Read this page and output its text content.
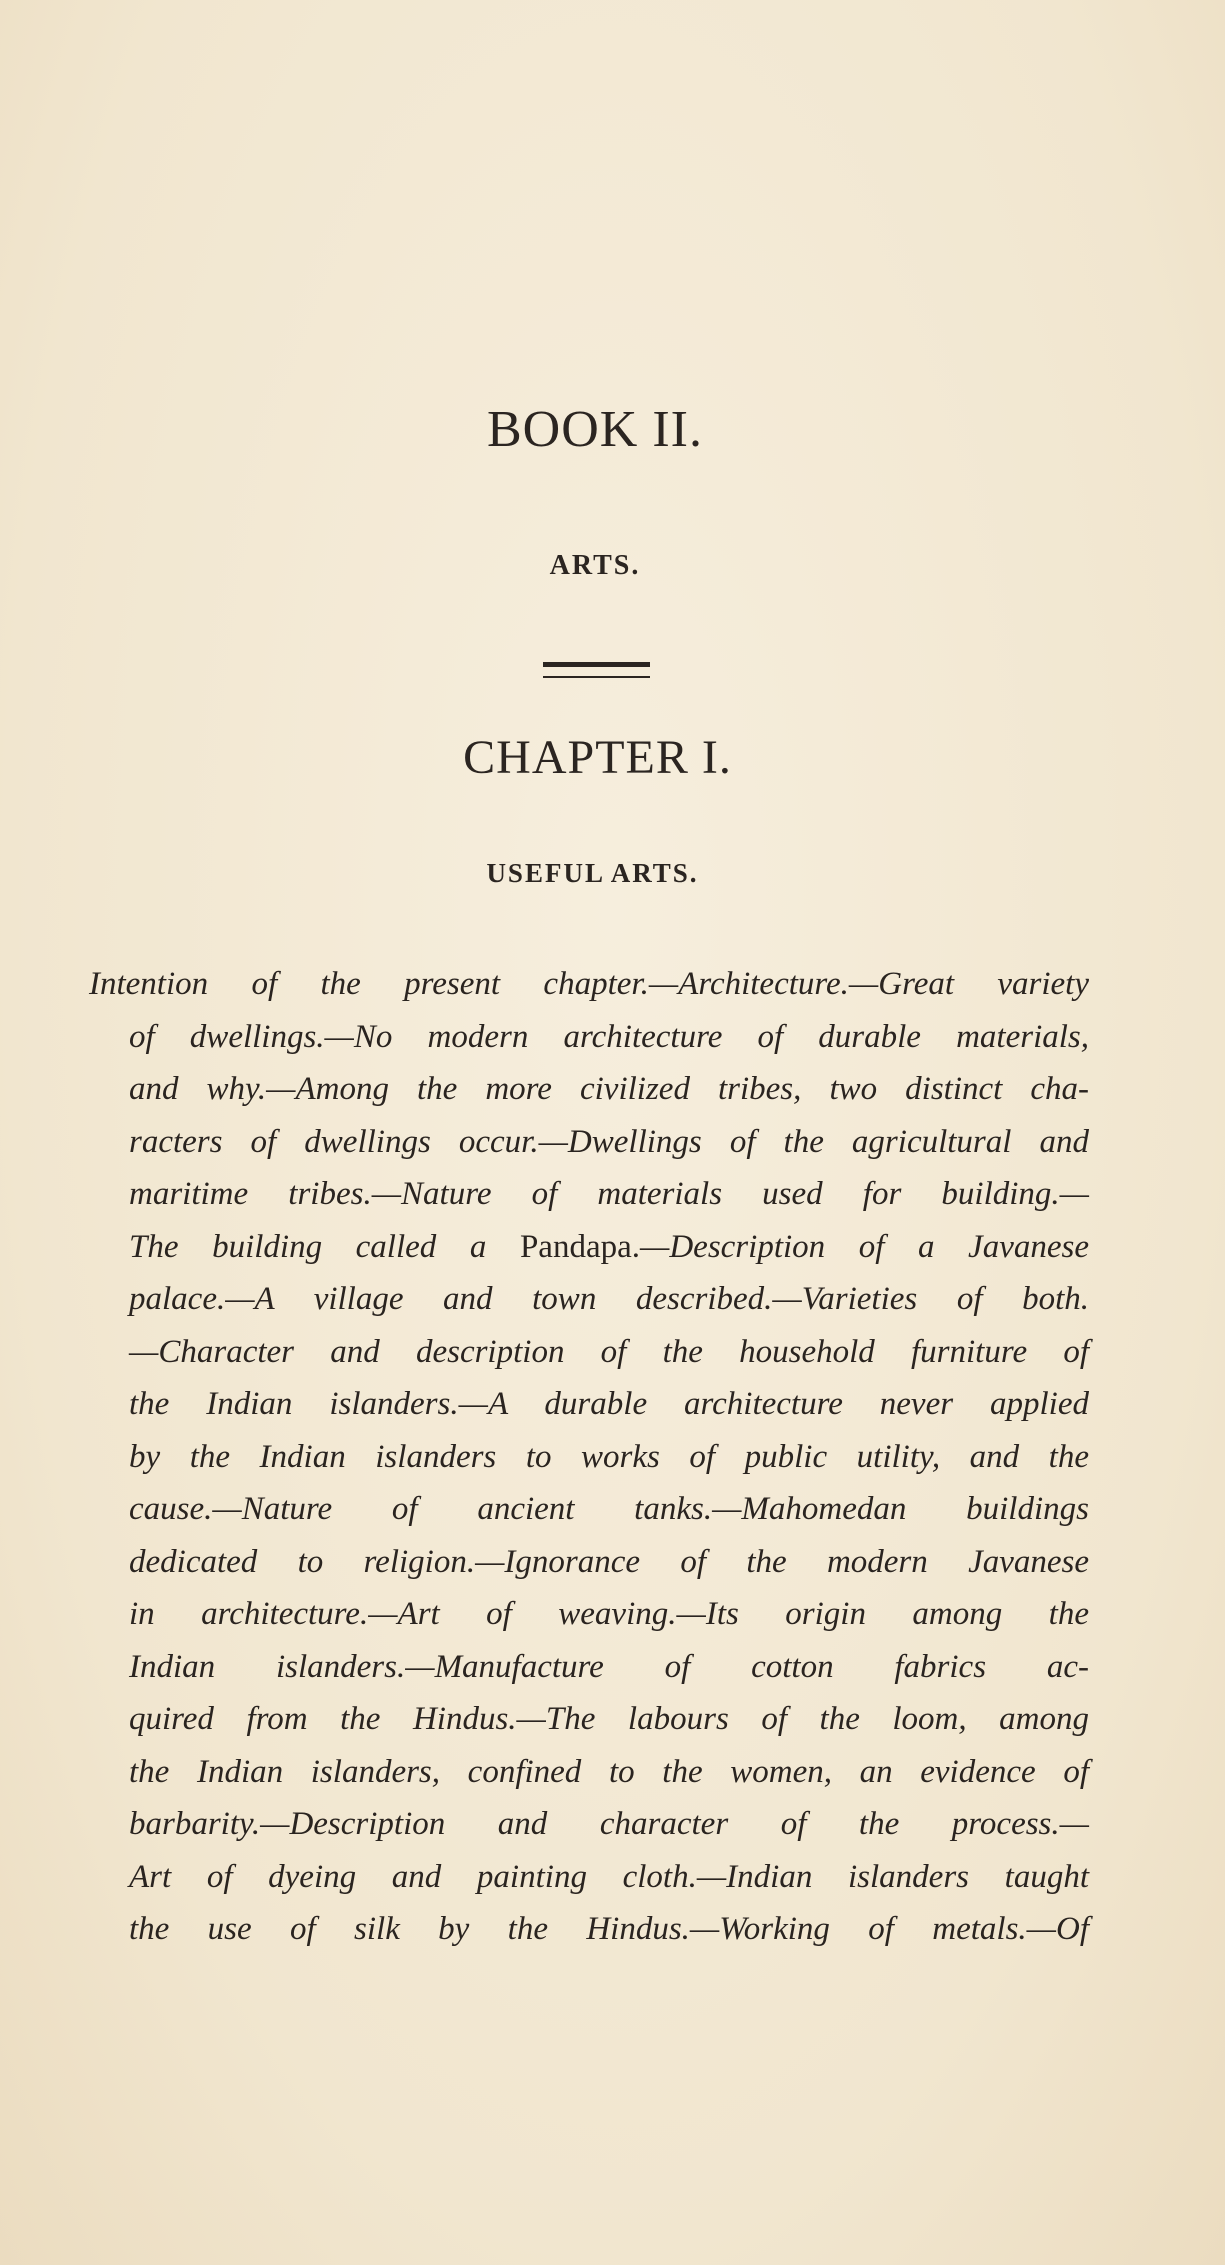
BOOK II.
ARTS.
CHAPTER I.
USEFUL ARTS.
Intention of the present chapter.—Architecture.—Great variety
of dwellings.—No modern architecture of durable materials,
and why.—Among the more civilized tribes, two distinct cha-
racters of dwellings occur.—Dwellings of the agricultural and
maritime tribes.—Nature of materials used for building.—
The building called a Pandapa.—Description of a Javanese
palace.—A village and town described.—Varieties of both.
—Character and description of the household furniture of
the Indian islanders.—A durable architecture never applied
by the Indian islanders to works of public utility, and the
cause.—Nature of ancient tanks.—Mahomedan buildings
dedicated to religion.—Ignorance of the modern Javanese
in architecture.—Art of weaving.—Its origin among the
Indian islanders.—Manufacture of cotton fabrics ac-
quired from the Hindus.—The labours of the loom, among
the Indian islanders, confined to the women, an evidence of
barbarity.—Description and character of the process.—
Art of dyeing and painting cloth.—Indian islanders taught
the use of silk by the Hindus.—Working of metals.—Of
